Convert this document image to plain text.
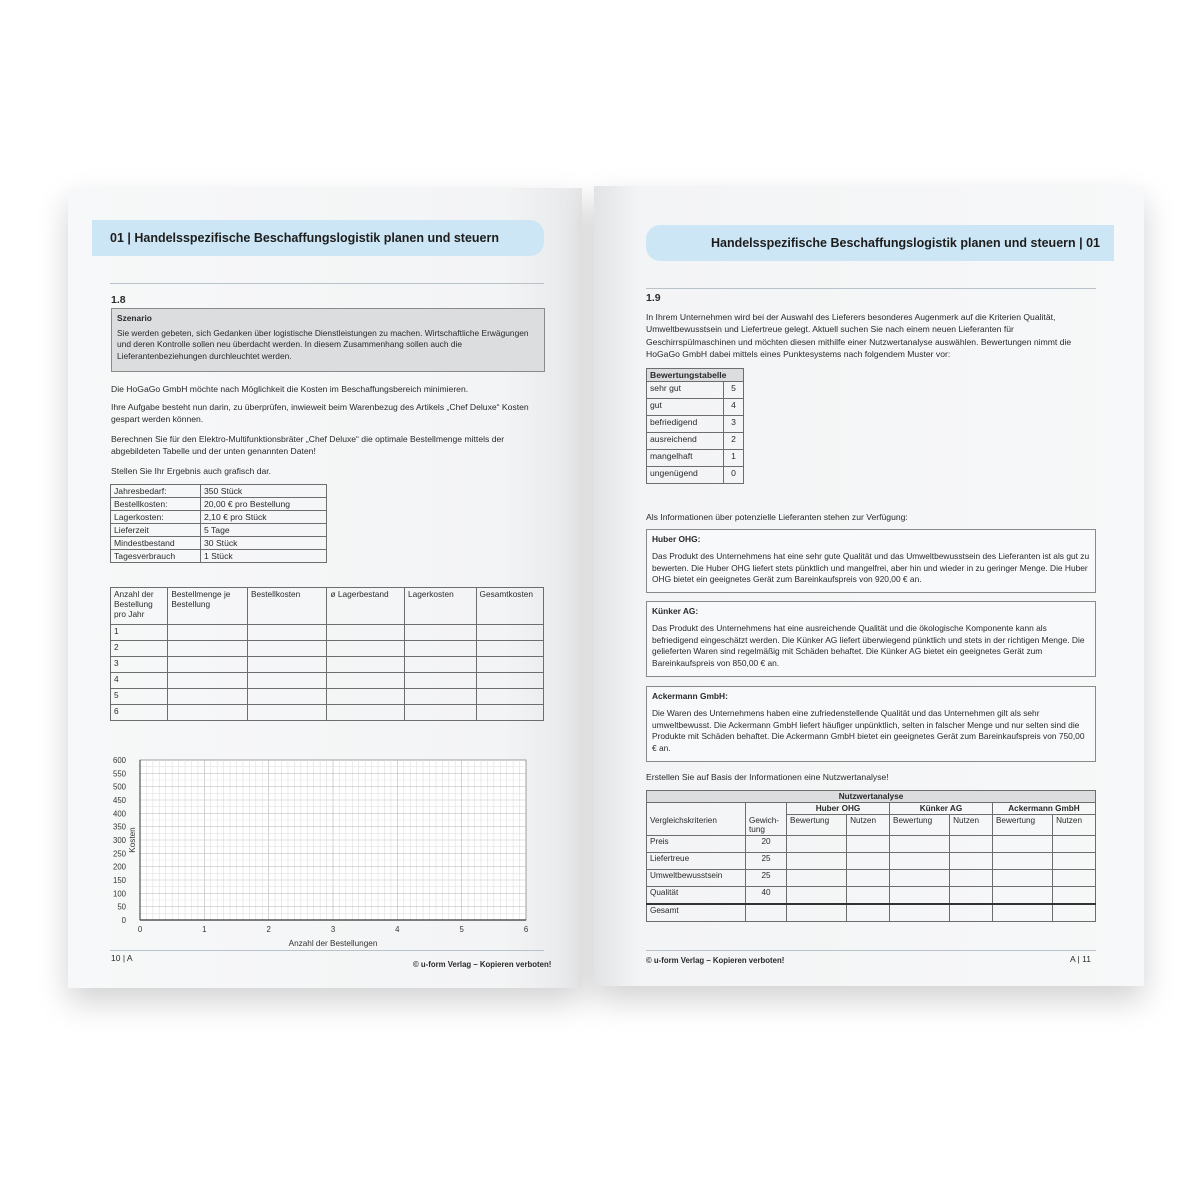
01 | Handelsspezifische Beschaffungslogistik planen und steuern
1.8
Szenario
Sie werden gebeten, sich Gedanken über logistische Dienstleistungen zu machen. Wirtschaftliche Erwägungen und deren Kontrolle sollen neu überdacht werden. In diesem Zusammenhang sollen auch die Lieferantenbeziehungen durchleuchtet werden.
Die HoGaGo GmbH möchte nach Möglichkeit die Kosten im Beschaffungsbereich minimieren.
Ihre Aufgabe besteht nun darin, zu überprüfen, inwieweit beim Warenbezug des Artikels „Chef Deluxe“ Kosten gespart werden können.
Berechnen Sie für den Elektro-Multifunktionsbräter „Chef Deluxe“ die optimale Bestellmenge mittels der abgebildeten Tabelle und der unten genannten Daten!
Stellen Sie Ihr Ergebnis auch grafisch dar.
Jahresbedarf:	350 Stück
Bestellkosten:	20,00 € pro Bestellung
Lagerkosten:	2,10 € pro Stück
Lieferzeit	5 Tage
Mindestbestand	30 Stück
Tagesverbrauch	1 Stück
Anzahl der Bestellung pro Jahr	Bestellmenge je Bestellung	Bestellkosten	ø Lagerbestand	Lagerkosten	Gesamtkosten
1					
2					
3					
4					
5					
6					
0
50
100
150
200
250
300
350
400
450
500
550
600
0	1	2	3	4	5	6
Anzahl der Bestellungen
Kosten
10 | A
© u-form Verlag – Kopieren verboten!
Handelsspezifische Beschaffungslogistik planen und steuern | 01
1.9
In Ihrem Unternehmen wird bei der Auswahl des Lieferers besonderes Augenmerk auf die Kriterien Qualität, Umweltbewusstsein und Liefertreue gelegt. Aktuell suchen Sie nach einem neuen Lieferanten für Geschirrspülmaschinen und möchten diesen mithilfe einer Nutzwertanalyse auswählen. Bewertungen nimmt die HoGaGo GmbH dabei mittels eines Punktesystems nach folgendem Muster vor:
Bewertungstabelle	
sehr gut	5
gut	4
befriedigend	3
ausreichend	2
mangelhaft	1
ungenügend	0
Als Informationen über potenzielle Lieferanten stehen zur Verfügung:
Huber OHG:
Das Produkt des Unternehmens hat eine sehr gute Qualität und das Umweltbewusstsein des Lieferanten ist als gut zu bewerten. Die Huber OHG liefert stets pünktlich und mangelfrei, aber hin und wieder in zu geringer Menge. Die Huber OHG bietet ein geeignetes Gerät zum Bareinkaufspreis von 920,00 € an.
Künker AG:
Das Produkt des Unternehmens hat eine ausreichende Qualität und die ökologische Komponente kann als befriedigend eingeschätzt werden. Die Künker AG liefert überwiegend pünktlich und stets in der richtigen Menge. Die gelieferten Waren sind regelmäßig mit Schäden behaftet. Die Künker AG bietet ein geeignetes Gerät zum Bareinkaufspreis von 850,00 € an.
Ackermann GmbH:
Die Waren des Unternehmens haben eine zufriedenstellende Qualität und das Unternehmen gilt als sehr umweltbewusst. Die Ackermann GmbH liefert häufiger unpünktlich, selten in falscher Menge und nur selten sind die Produkte mit Schäden behaftet. Die Ackermann GmbH bietet ein geeignetes Gerät zum Bareinkaufspreis von 750,00 € an.
Erstellen Sie auf Basis der Informationen eine Nutzwertanalyse!
Nutzwertanalyse							
		Huber OHG		Künker AG		Ackermann GmbH	
Vergleichskriterien	Gewich-tung	Bewertung	Nutzen	Bewertung	Nutzen	Bewertung	Nutzen
Preis	20						
Liefertreue	25						
Umweltbewusstsein	25						
Qualität	40						
Gesamt							
© u-form Verlag – Kopieren verboten!	A | 11
